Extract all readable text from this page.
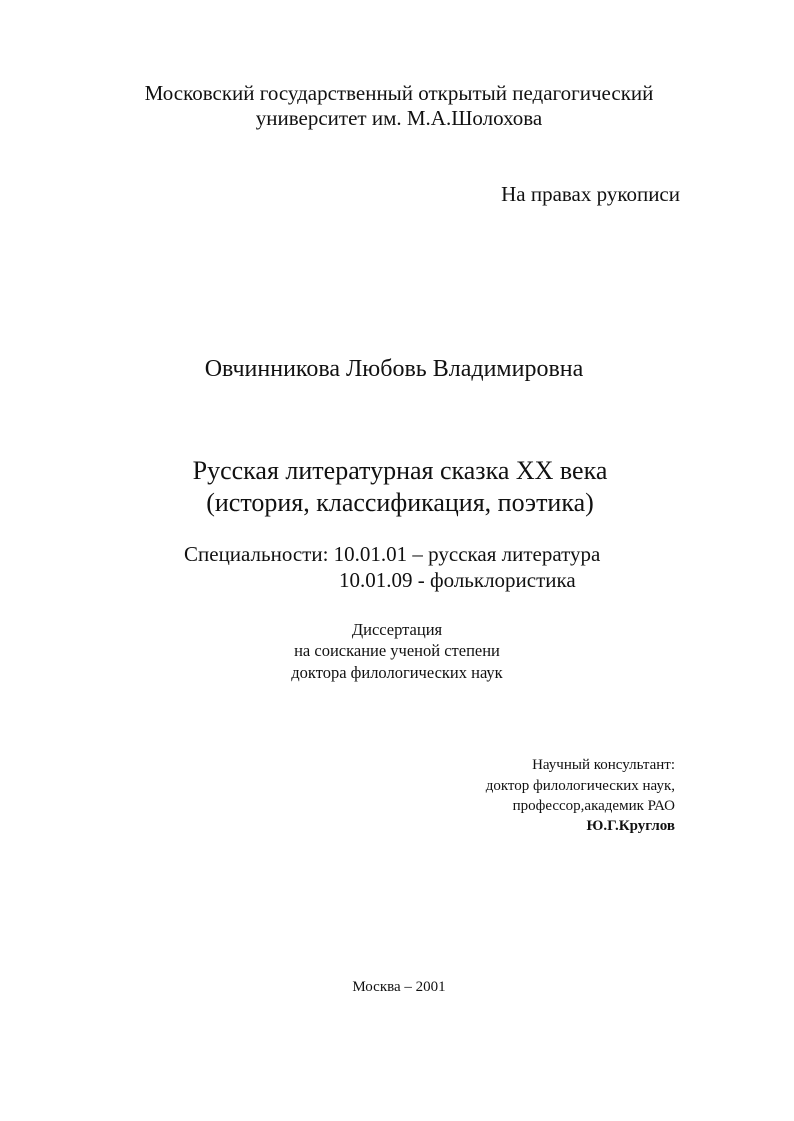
Московский государственный открытый педагогический
университет им. М.А.Шолохова
На правах рукописи
Овчинникова Любовь Владимировна
Русская литературная сказка XX века
(история, классификация, поэтика)
Специальности: 10.01.01 – русская литература
10.01.09 - фольклористика
Диссертация
на соискание ученой степени
доктора филологических наук
Научный консультант:
доктор филологических наук,
профессор,академик РАО
Ю.Г.Круглов
Москва – 2001
